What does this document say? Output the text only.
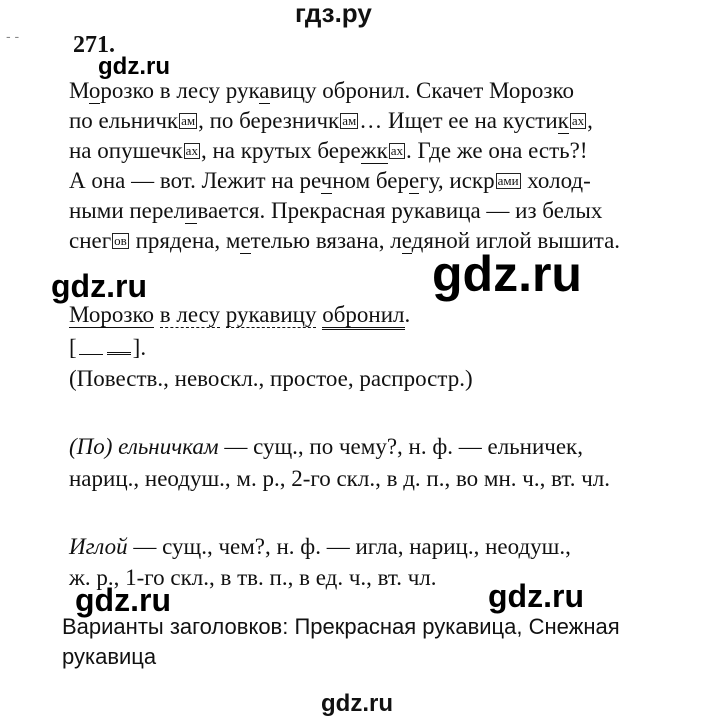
гдз.ру
271.
- -
gdz.ru
gdz.ru	gdz.ru
gdz.ru	gdz.ru
gdz.ru
Морозко в лесу рукавицу обронил. Скачет Морозко
по ельничк ам , по березничк ам … Ищет ее на кустик ах ,
на опушечк ах , на крутых бережк ах . Где же она есть?!
А она — вот. Лежит на речном берегу, искр ами холод-
ными переливается. Прекрасная рукавица — из белых
снег ов прядена, метелью вязана, ледяной иглой вышита.
Морозко в лесу рукавицу обронил.
[ ].
(Повеств., невоскл., простое, распростр.)
(По) ельничкам — сущ., по чему?, н. ф. — ельничек,
нариц., неодуш., м. р., 2-го скл., в д. п., во мн. ч., вт. чл.
Иглой — сущ., чем?, н. ф. — игла, нариц., неодуш.,
ж. р., 1-го скл., в тв. п., в ед. ч., вт. чл.
Варианты заголовков: Прекрасная рукавица, Снежная
рукавица
